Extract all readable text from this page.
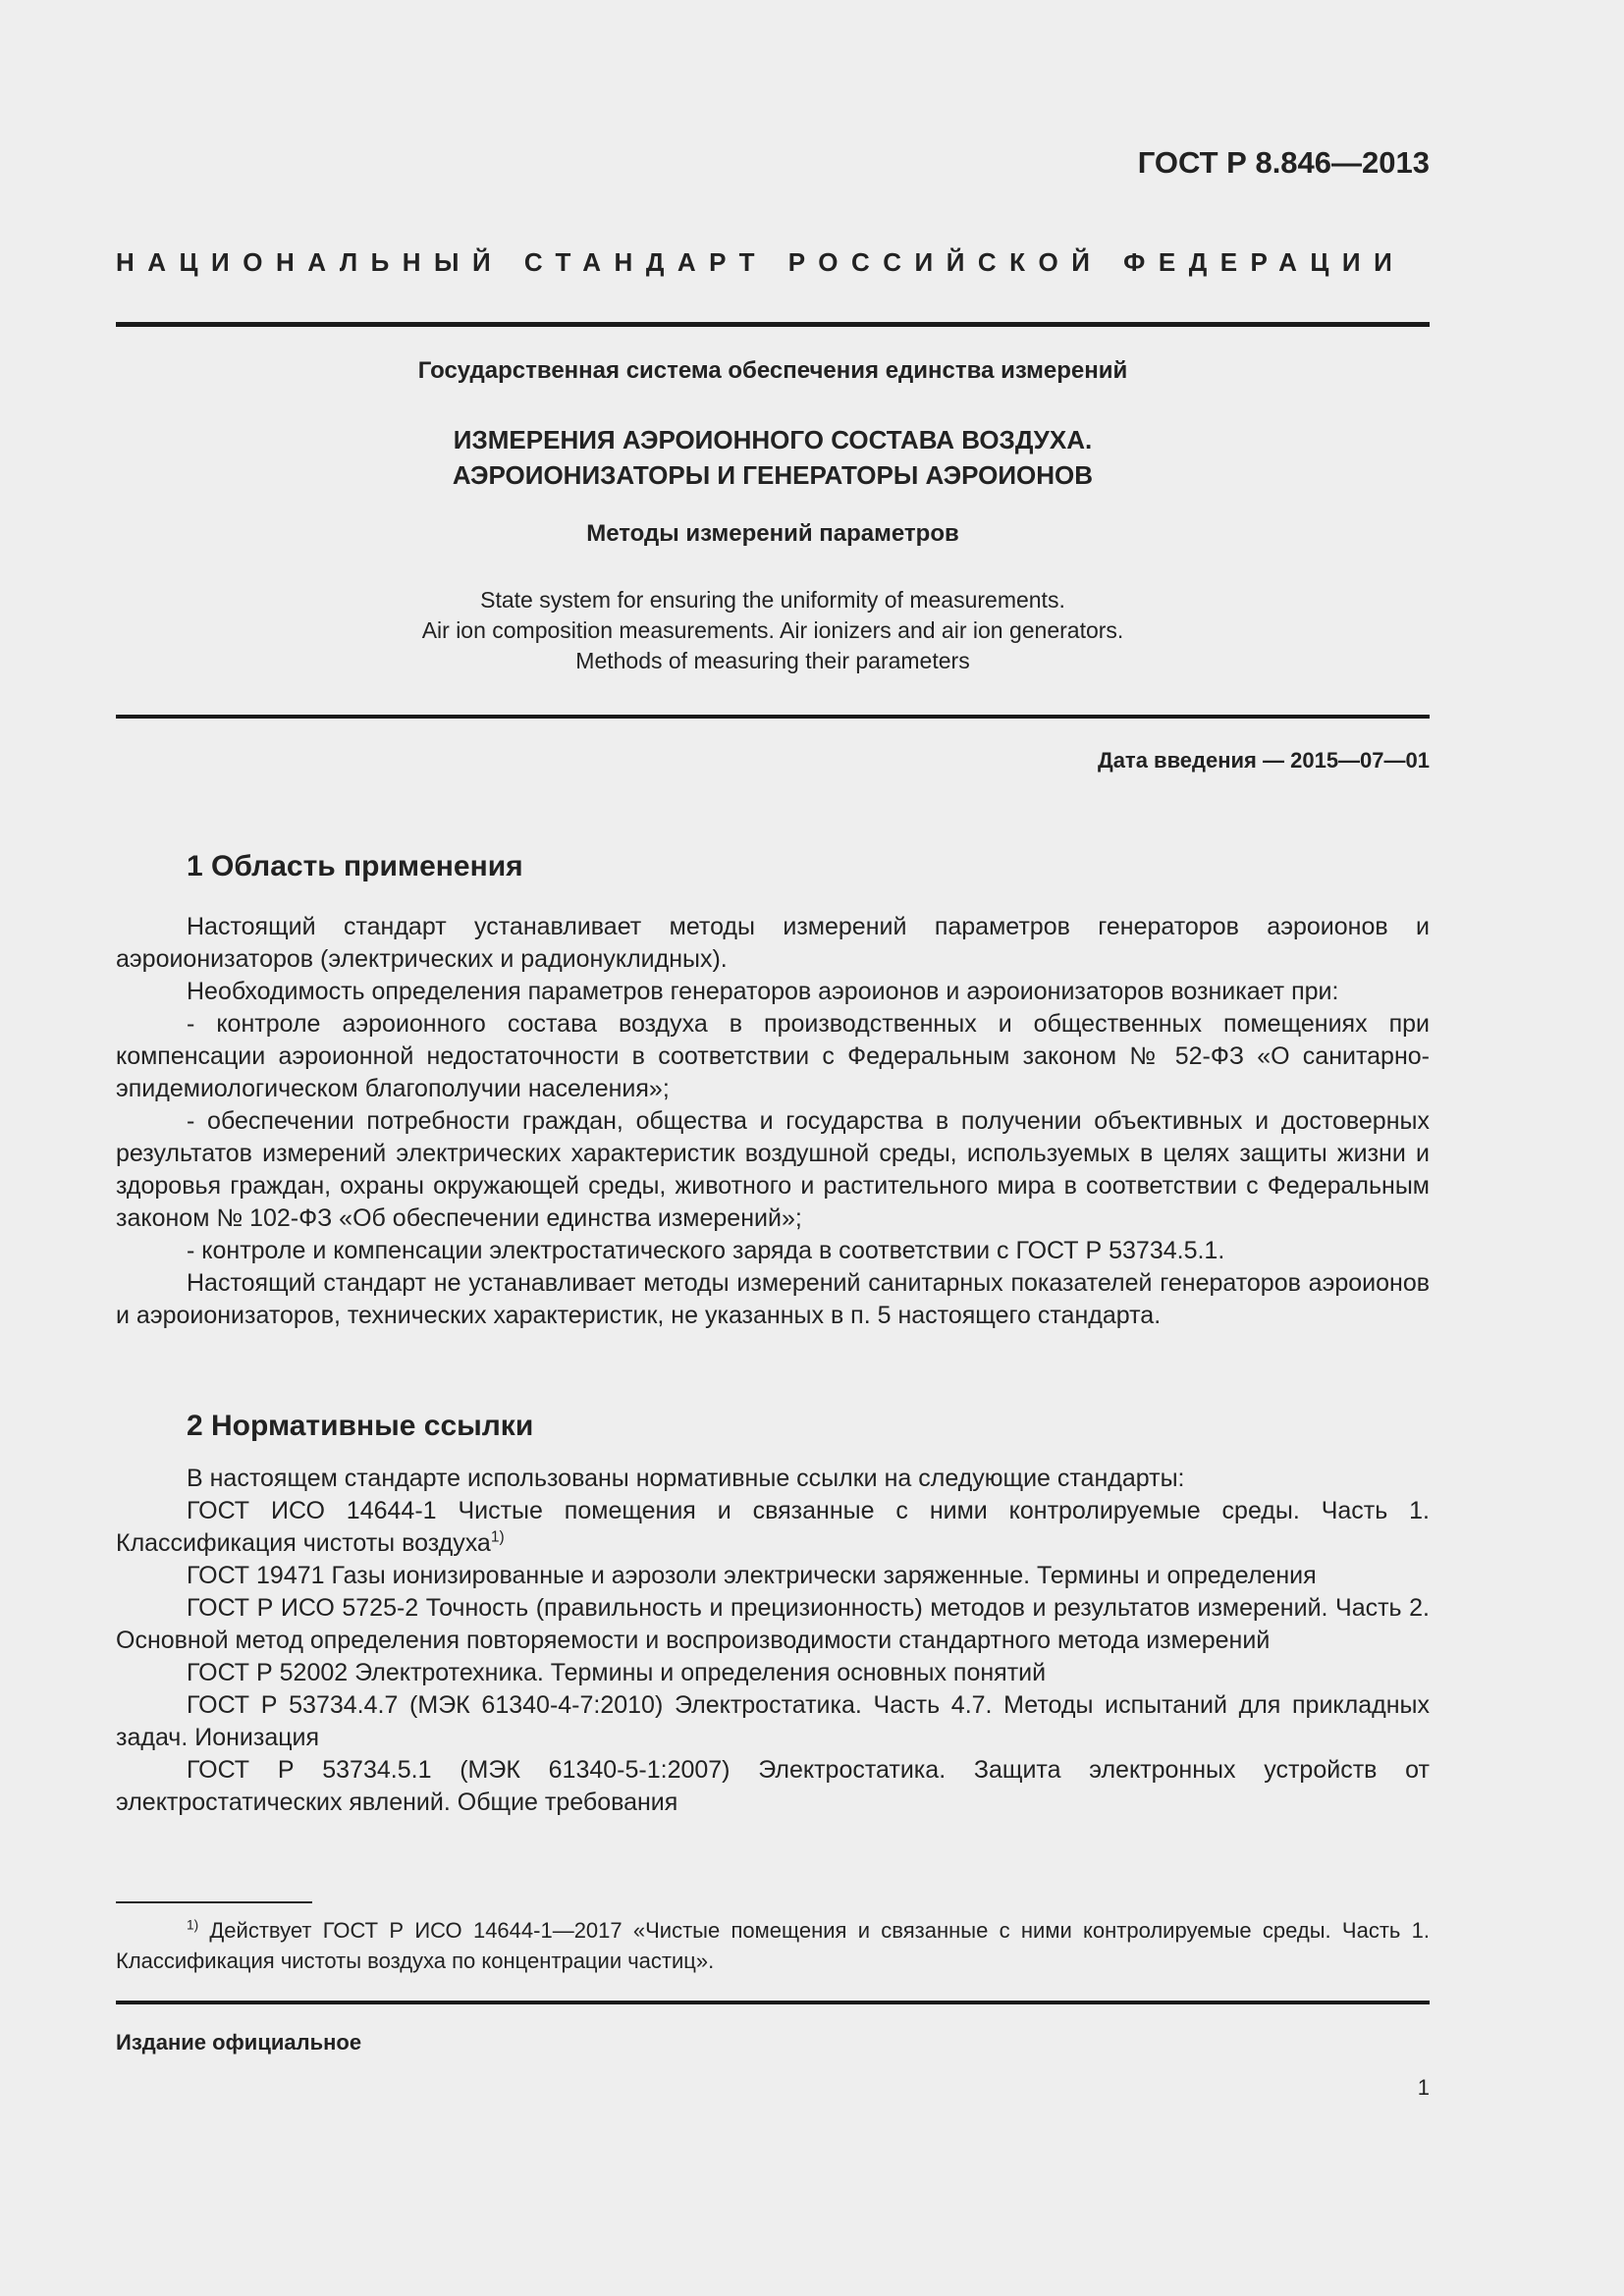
ГОСТ Р 8.846—2013
НАЦИОНАЛЬНЫЙ СТАНДАРТ РОССИЙСКОЙ ФЕДЕРАЦИИ
Государственная система обеспечения единства измерений
ИЗМЕРЕНИЯ АЭРОИОННОГО СОСТАВА ВОЗДУХА.
АЭРОИОНИЗАТОРЫ И ГЕНЕРАТОРЫ АЭРОИОНОВ
Методы измерений параметров
State system for ensuring the uniformity of measurements.
Air ion composition measurements. Air ionizers and air ion generators.
Methods of measuring their parameters
Дата введения — 2015—07—01
1 Область применения

Настоящий стандарт устанавливает методы измерений параметров генераторов аэроионов и аэроионизаторов (электрических и радионуклидных).

Необходимость определения параметров генераторов аэроионов и аэроионизаторов возникает при:

- контроле аэроионного состава воздуха в производственных и общественных помещениях при компенсации аэроионной недостаточности в соответствии с Федеральным законом № 52-ФЗ «О санитарно-эпидемиологическом благополучии населения»;

- обеспечении потребности граждан, общества и государства в получении объективных и достоверных результатов измерений электрических характеристик воздушной среды, используемых в целях защиты жизни и здоровья граждан, охраны окружающей среды, животного и растительного мира в соответствии с Федеральным законом № 102-ФЗ «Об обеспечении единства измерений»;

- контроле и компенсации электростатического заряда в соответствии с ГОСТ Р 53734.5.1.

Настоящий стандарт не устанавливает методы измерений санитарных показателей генераторов аэроионов и аэроионизаторов, технических характеристик, не указанных в п. 5 настоящего стандарта.

2 Нормативные ссылки

В настоящем стандарте использованы нормативные ссылки на следующие стандарты:

ГОСТ ИСО 14644-1 Чистые помещения и связанные с ними контролируемые среды. Часть 1. Классификация чистоты воздуха$^{1)}$

ГОСТ 19471 Газы ионизированные и аэрозоли электрически заряженные. Термины и определения

ГОСТ Р ИСО 5725-2 Точность (правильность и прецизионность) методов и результатов измерений. Часть 2. Основной метод определения повторяемости и воспроизводимости стандартного метода измерений

ГОСТ Р 52002 Электротехника. Термины и определения основных понятий

ГОСТ Р 53734.4.7 (МЭК 61340-4-7:2010) Электростатика. Часть 4.7. Методы испытаний для прикладных задач. Ионизация

ГОСТ Р 53734.5.1 (МЭК 61340-5-1:2007) Электростатика. Защита электронных устройств от электростатических явлений. Общие требования

$^{1)}$ Действует ГОСТ Р ИСО 14644-1—2017 «Чистые помещения и связанные с ними контролируемые среды. Часть 1. Классификация чистоты воздуха по концентрации частиц».

Издание официальное
1
